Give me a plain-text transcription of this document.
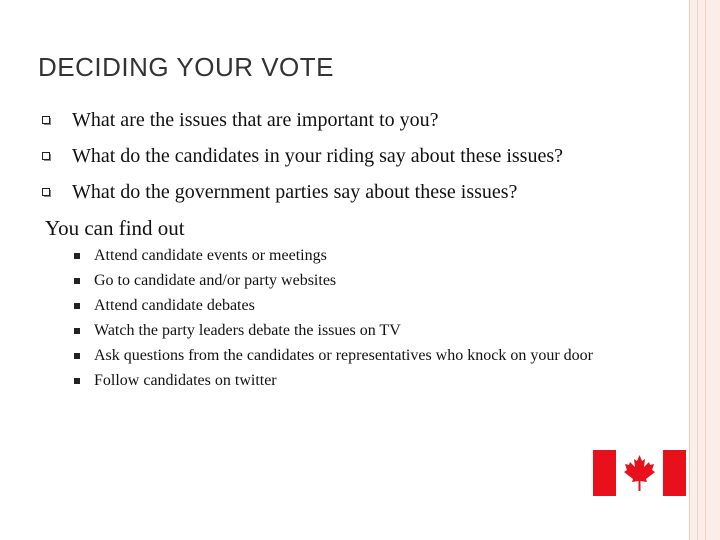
DECIDING YOUR VOTE
What are the issues that are important to you?
What do the candidates in your riding say about these issues?
What do the government parties say about these issues?

You can find out

Attend candidate events or meetings
Go to candidate and/or party websites
Attend candidate debates
Watch the party leaders debate the issues on TV
Ask questions from the candidates or representatives who knock on your door
Follow candidates on twitter
